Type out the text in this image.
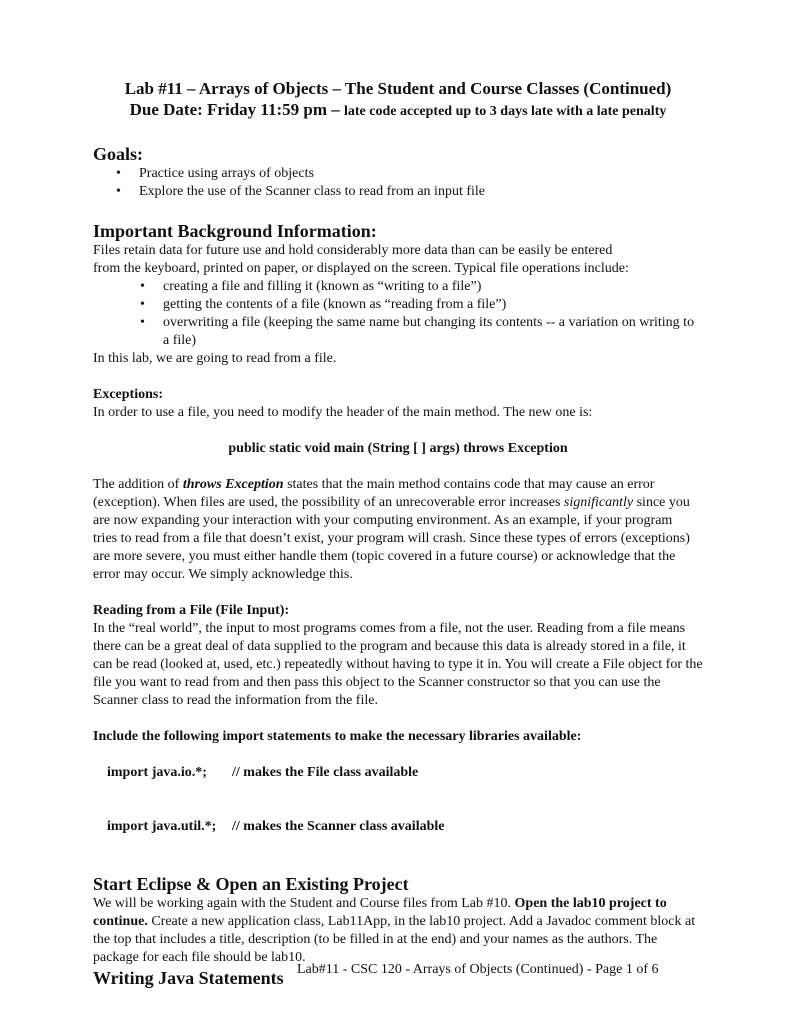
Lab #11 – Arrays of Objects – The Student and Course Classes (Continued)
Due Date: Friday 11:59 pm – late code accepted up to 3 days late with a late penalty
Goals:
• Practice using arrays of objects
• Explore the use of the Scanner class to read from an input file
Important Background Information:

Files retain data for future use and hold considerably more data than can be easily be entered
from the keyboard, printed on paper, or displayed on the screen. Typical file operations include:

• creating a file and filling it (known as “writing to a file”)
• getting the contents of a file (known as “reading from a file”)
• overwriting a file (keeping the same name but changing its contents -- a variation on writing to a file)

In this lab, we are going to read from a file.

Exceptions:

In order to use a file, you need to modify the header of the main method. The new one is:

public static void main (String [ ] args) throws Exception

The addition of throws Exception states that the main method contains code that may cause an error (exception). When files are used, the possibility of an unrecoverable error increases significantly since you are now expanding your interaction with your computing environment. As an example, if your program tries to read from a file that doesn’t exist, your program will crash. Since these types of errors (exceptions) are more severe, you must either handle them (topic covered in a future course) or acknowledge that the error may occur. We simply acknowledge this.

Reading from a File (File Input):

In the “real world”, the input to most programs comes from a file, not the user. Reading from a file means there can be a great deal of data supplied to the program and because this data is already stored in a file, it can be read (looked at, used, etc.) repeatedly without having to type it in. You will create a File object for the file you want to read from and then pass this object to the Scanner constructor so that you can use the Scanner class to read the information from the file.

Include the following import statements to make the necessary libraries available:

import java.io.*; // makes the File class available

import java.util.*; // makes the Scanner class available

Start Eclipse & Open an Existing Project

We will be working again with the Student and Course files from Lab #10. Open the lab10 project to continue. Create a new application class, Lab11App, in the lab10 project. Add a Javadoc comment block at the top that includes a title, description (to be filled in at the end) and your names as the authors. The package for each file should be lab10.

Writing Java Statements Lab#11 - CSC 120 - Arrays of Objects (Continued) - Page 1 of 6
